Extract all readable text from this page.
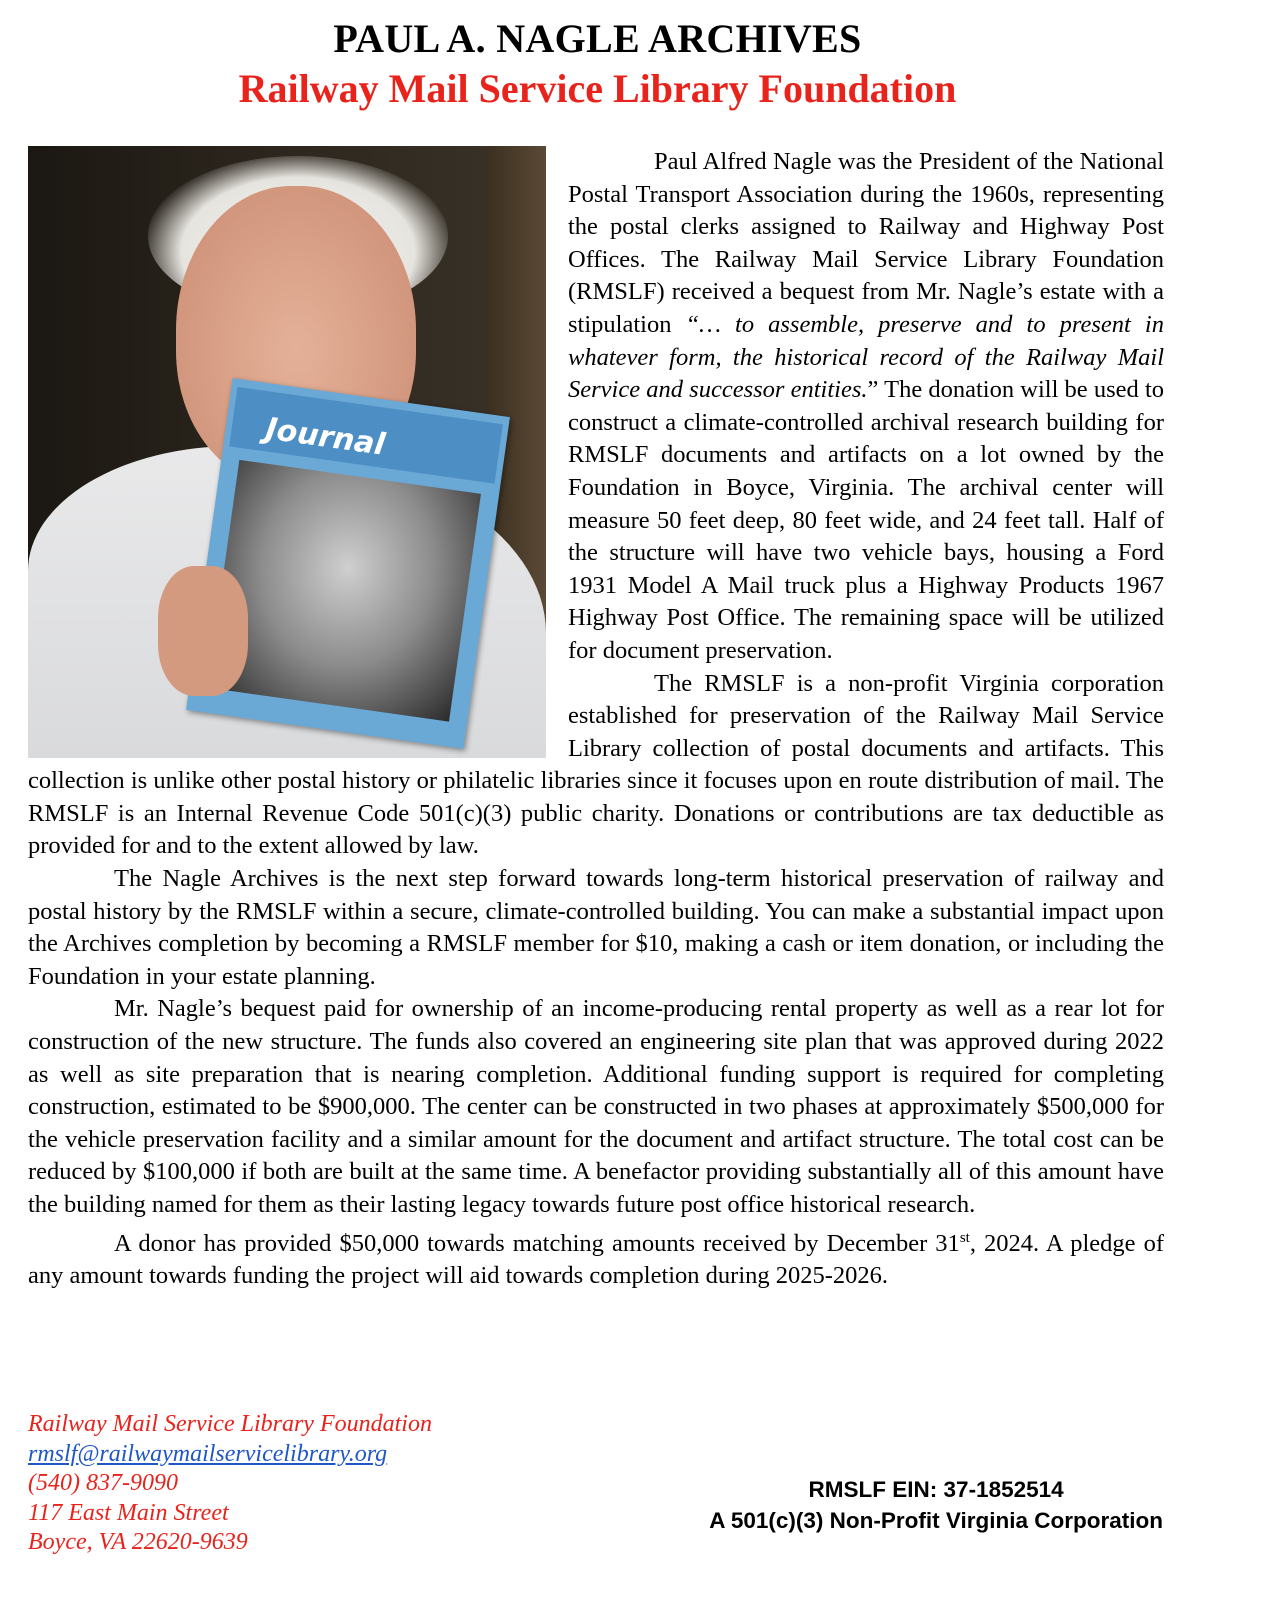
PAUL A. NAGLE ARCHIVES
Railway Mail Service Library Foundation
Journal

Paul Alfred Nagle was the President of the National Postal Transport Association during the 1960s, representing the postal clerks assigned to Railway and Highway Post Offices. The Railway Mail Service Library Foundation (RMSLF) received a bequest from Mr. Nagle’s estate with a stipulation “… to assemble, preserve and to present in whatever form, the historical record of the Railway Mail Service and successor entities.” The donation will be used to construct a climate-controlled archival research building for RMSLF documents and artifacts on a lot owned by the Foundation in Boyce, Virginia. The archival center will measure 50 feet deep, 80 feet wide, and 24 feet tall. Half of the structure will have two vehicle bays, housing a Ford 1931 Model A Mail truck plus a Highway Products 1967 Highway Post Office. The remaining space will be utilized for document preservation.

The RMSLF is a non-profit Virginia corporation established for preservation of the Railway Mail Service Library collection of postal documents and artifacts. This collection is unlike other postal history or philatelic libraries since it focuses upon en route distribution of mail. The RMSLF is an Internal Revenue Code 501(c)(3) public charity. Donations or contributions are tax deductible as provided for and to the extent allowed by law.

The Nagle Archives is the next step forward towards long-term historical preservation of railway and postal history by the RMSLF within a secure, climate-controlled building. You can make a substantial impact upon the Archives completion by becoming a RMSLF member for $10, making a cash or item donation, or including the Foundation in your estate planning.

Mr. Nagle’s bequest paid for ownership of an income-producing rental property as well as a rear lot for construction of the new structure. The funds also covered an engineering site plan that was approved during 2022 as well as site preparation that is nearing completion. Additional funding support is required for completing construction, estimated to be $900,000. The center can be constructed in two phases at approximately $500,000 for the vehicle preservation facility and a similar amount for the document and artifact structure. The total cost can be reduced by $100,000 if both are built at the same time. A benefactor providing substantially all of this amount have the building named for them as their lasting legacy towards future post office historical research.

A donor has provided $50,000 towards matching amounts received by December 31st, 2024. A pledge of any amount towards funding the project will aid towards completion during 2025-2026.

Railway Mail Service Library Foundation
rmslf@railwaymailservicelibrary.org
(540) 837-9090
117 East Main Street
Boyce, VA 22620-9639
RMSLF EIN: 37-1852514
A 501(c)(3) Non-Profit Virginia Corporation
